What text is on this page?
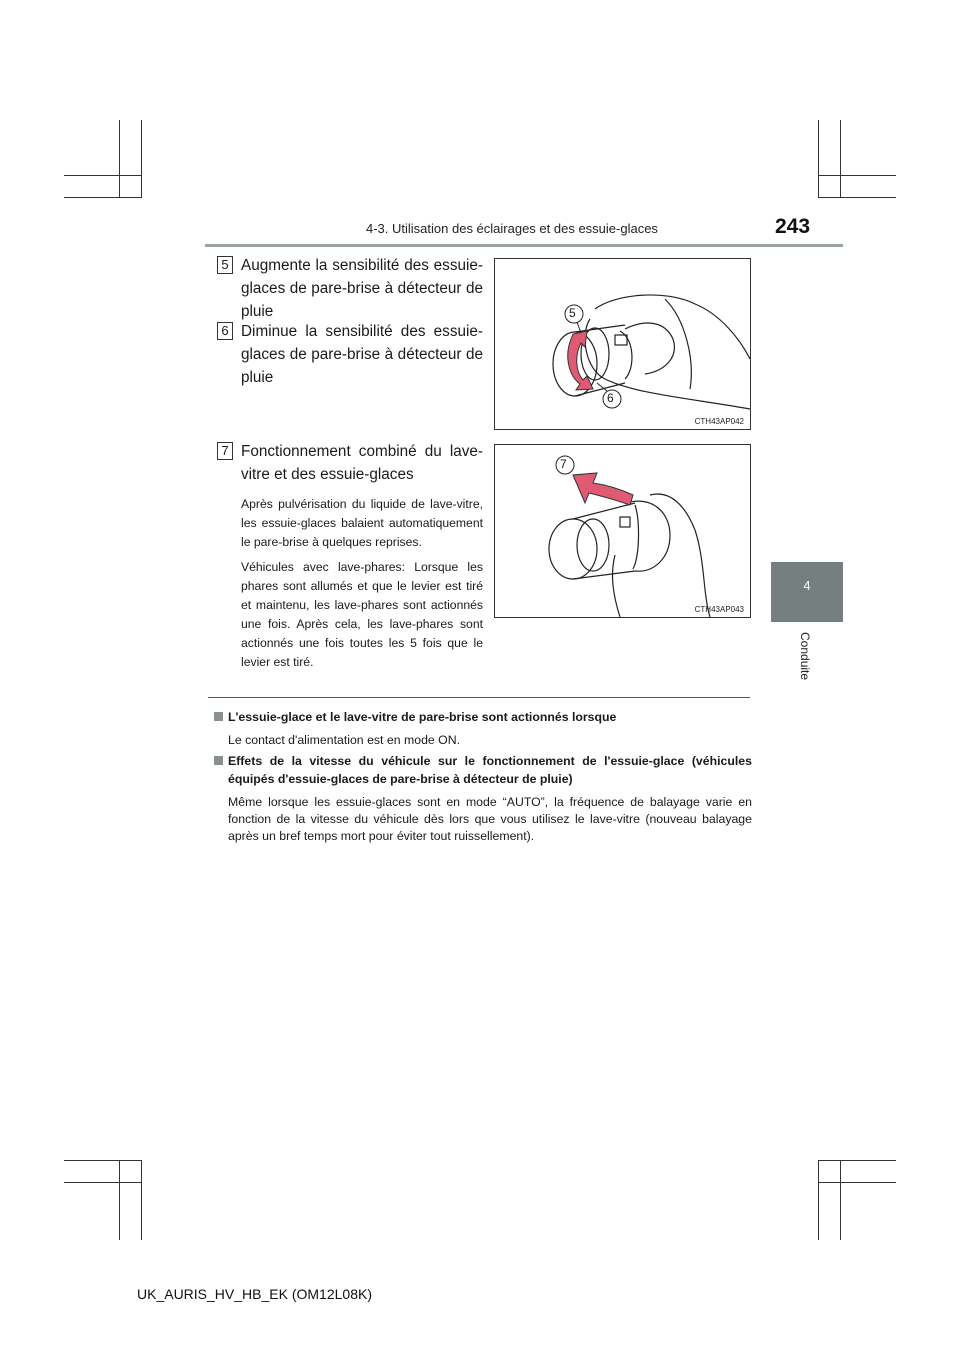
4-3. Utilisation des éclairages et des essuie-glaces	243
4
Conduite
5 Augmente la sensibilité des essuie-glaces de pare-brise à détecteur de pluie
6 Diminue la sensibilité des essuie-glaces de pare-brise à détecteur de pluie
7 Fonctionnement combiné du lave-vitre et des essuie-glaces
Après pulvérisation du liquide de lave-vitre, les essuie-glaces balaient automatiquement le pare-brise à quelques reprises.
Véhicules avec lave-phares: Lorsque les phares sont allumés et que le levier est tiré et maintenu, les lave-phares sont actionnés une fois. Après cela, les lave-phares sont actionnés une fois toutes les 5 fois que le levier est tiré.
5
6
CTH43AP042
7
CTH43AP043
L'essuie-glace et le lave-vitre de pare-brise sont actionnés lorsque
Le contact d'alimentation est en mode ON.
Effets de la vitesse du véhicule sur le fonctionnement de l'essuie-glace (véhicules équipés d'essuie-glaces de pare-brise à détecteur de pluie)
Même lorsque les essuie-glaces sont en mode “AUTO”, la fréquence de balayage varie en fonction de la vitesse du véhicule dès lors que vous utilisez le lave-vitre (nouveau balayage après un bref temps mort pour éviter tout ruissellement).
UK_AURIS_HV_HB_EK (OM12L08K)
